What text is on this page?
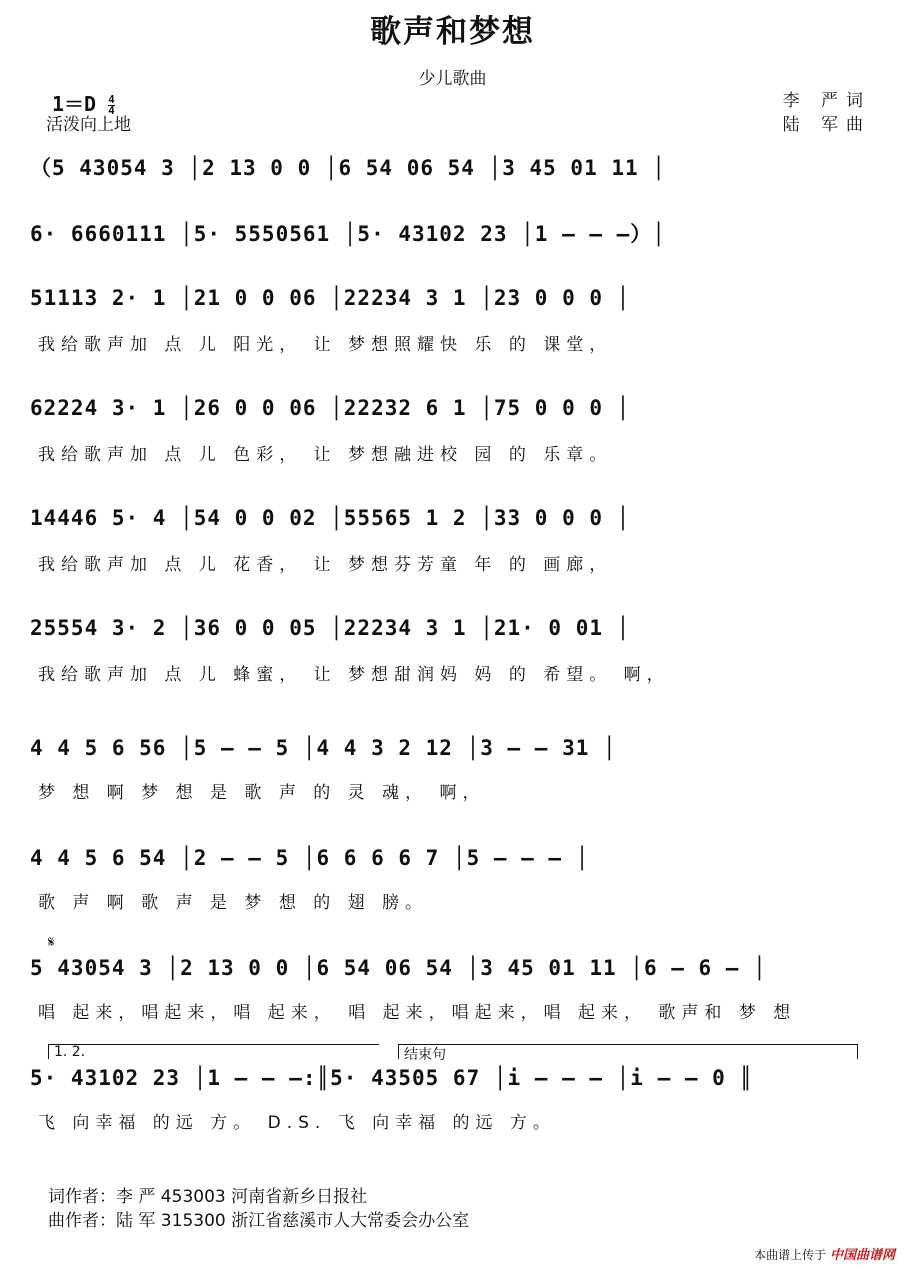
歌声和梦想
少儿歌曲
$1=D \frac{4}{4}$
活泼向上地
李 严词
陆 军曲
（5 43054 3 │2 13 0 0 │6 54 06 54 │3 45 01 11 │
6· 6660111 │5· 5550561 │5· 43102 23 │1 — — —）│
51113 2· 1 │21 0 0 06 │22234 3 1 │23 0 0 0 │
我给歌声加 点 儿 阳光， 让 梦想照耀快 乐 的 课堂，
62224 3· 1 │26 0 0 06 │22232 6 1 │75 0 0 0 │
我给歌声加 点 儿 色彩， 让 梦想融进校 园 的 乐章。
14446 5· 4 │54 0 0 02 │55565 1 2 │33 0 0 0 │
我给歌声加 点 儿 花香， 让 梦想芬芳童 年 的 画廊，
25554 3· 2 │36 0 0 05 │22234 3 1 │21· 0 01 │
我给歌声加 点 儿 蜂蜜， 让 梦想甜润妈 妈 的 希望。 啊，
4 4 5 6 56 │5 — — 5 │4 4 3 2 12 │3 — — 31 │
梦 想 啊 梦 想 是 歌 声 的 灵 魂， 啊，
4 4 5 6 54 │2 — — 5 │6 6 6 6 7 │5 — — — │
歌 声 啊 歌 声 是 梦 想 的 翅 膀。
𝄋
5 43054 3 │2 13 0 0 │6 54 06 54 │3 45 01 11 │6 — 6 — │
唱 起来，唱起来，唱 起来， 唱 起来，唱起来，唱 起来， 歌声和 梦 想
1. 2.	结束句
5· 43102 23 │1 — — —:║5· 43505 67 │i — — — │i — — 0 ║
飞 向幸福 的远 方。 D.S. 飞 向幸福 的远 方。
词作者：李 严 453003 河南省新乡日报社
曲作者：陆 军 315300 浙江省慈溪市人大常委会办公室
本曲谱上传于 中国曲谱网
